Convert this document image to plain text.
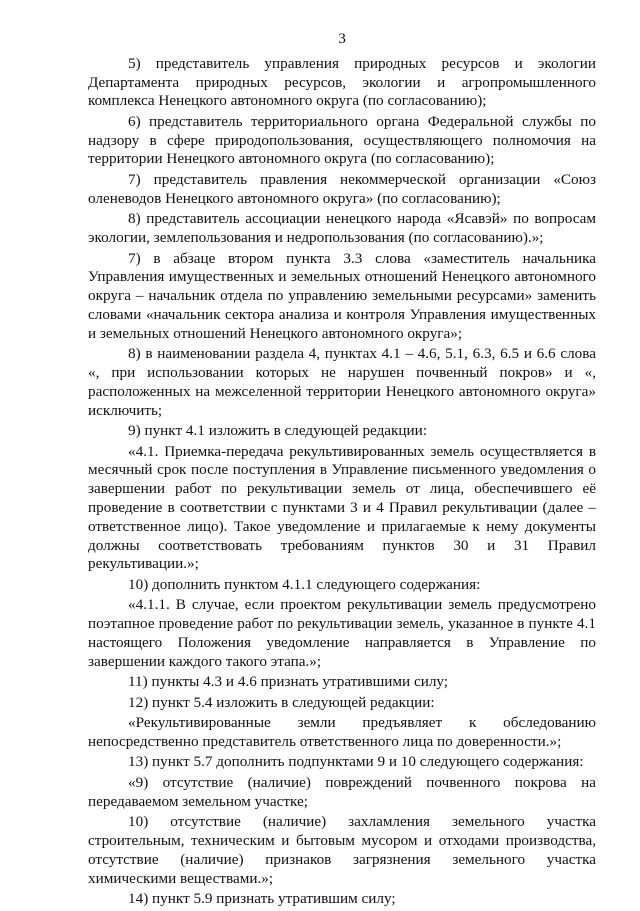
3

5) представитель управления природных ресурсов и экологии Департамента природных ресурсов, экологии и агропромышленного комплекса Ненецкого автономного округа (по согласованию);

6) представитель территориального органа Федеральной службы по надзору в сфере природопользования, осуществляющего полномочия на территории Ненецкого автономного округа (по согласованию);

7) представитель правления некоммерческой организации «Союз оленеводов Ненецкого автономного округа» (по согласованию);

8) представитель ассоциации ненецкого народа «Ясавэй» по вопросам экологии, землепользования и недропользования (по согласованию).»;

7) в абзаце втором пункта 3.3 слова «заместитель начальника Управления имущественных и земельных отношений Ненецкого автономного округа – начальник отдела по управлению земельными ресурсами» заменить словами «начальник сектора анализа и контроля Управления имущественных и земельных отношений Ненецкого автономного округа»;

8) в наименовании раздела 4, пунктах 4.1 – 4.6, 5.1, 6.3, 6.5 и 6.6 слова «, при использовании которых не нарушен почвенный покров» и «, расположенных на межселенной территории Ненецкого автономного округа» исключить;

9) пункт 4.1 изложить в следующей редакции:

«4.1. Приемка-передача рекультивированных земель осуществляется в месячный срок после поступления в Управление письменного уведомления о завершении работ по рекультивации земель от лица, обеспечившего её проведение в соответствии с пунктами 3 и 4 Правил рекультивации (далее – ответственное лицо). Такое уведомление и прилагаемые к нему документы должны соответствовать требованиям пунктов 30 и 31 Правил рекультивации.»;

10) дополнить пунктом 4.1.1 следующего содержания:

«4.1.1. В случае, если проектом рекультивации земель предусмотрено поэтапное проведение работ по рекультивации земель, указанное в пункте 4.1 настоящего Положения уведомление направляется в Управление по завершении каждого такого этапа.»;

11) пункты 4.3 и 4.6 признать утратившими силу;

12) пункт 5.4 изложить в следующей редакции:

«Рекультивированные земли предъявляет к обследованию непосредственно представитель ответственного лица по доверенности.»;

13) пункт 5.7 дополнить подпунктами 9 и 10 следующего содержания:

«9) отсутствие (наличие) повреждений почвенного покрова на передаваемом земельном участке;

10) отсутствие (наличие) захламления земельного участка строительным, техническим и бытовым мусором и отходами производства, отсутствие (наличие) признаков загрязнения земельного участка химическими веществами.»;

14) пункт 5.9 признать утратившим силу;
